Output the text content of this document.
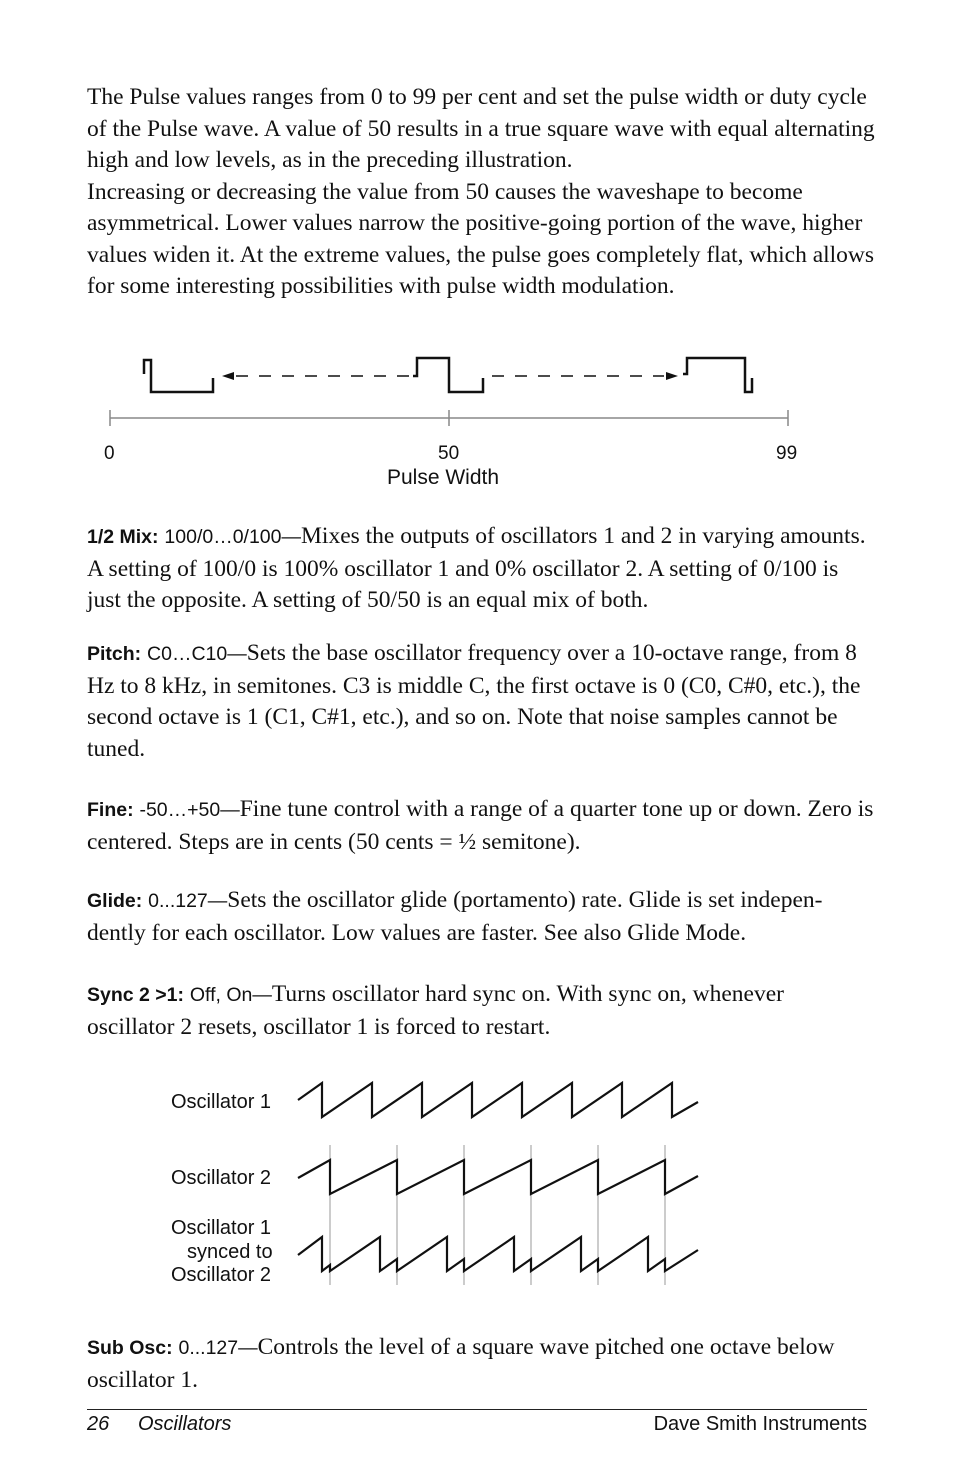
The Pulse values ranges from 0 to 99 per cent and set the pulse width or duty cycle of the Pulse wave. A value of 50 results in a true square wave with equal alternating high and low levels, as in the preceding illustration.

Increasing or decreasing the value from 50 causes the waveshape to become asymmetrical. Lower values narrow the positive-going portion of the wave, higher values widen it. At the extreme values, the pulse goes completely flat, which allows for some interesting possibilities with pulse width modulation.

0	50	99
Pulse Width
1/2 Mix: 100/0…0/100—Mixes the outputs of oscillators 1 and 2 in varying amounts. A setting of 100/0 is 100% oscillator 1 and 0% oscillator 2. A setting of 0/100 is just the opposite. A setting of 50/50 is an equal mix of both.
Pitch: C0…C10—Sets the base oscillator frequency over a 10-octave range, from 8 Hz to 8 kHz, in semitones. C3 is middle C, the first octave is 0 (C0, C#0, etc.), the second octave is 1 (C1, C#1, etc.), and so on. Note that noise samples cannot be tuned.
Fine: -50…+50—Fine tune control with a range of a quarter tone up or down. Zero is centered. Steps are in cents (50 cents = ½ semitone).
Glide: 0...127—Sets the oscillator glide (portamento) rate. Glide is set indepen-dently for each oscillator. Low values are faster. See also Glide Mode.
Sync 2 >1: Off, On—Turns oscillator hard sync on. With sync on, whenever oscillator 2 resets, oscillator 1 is forced to restart.
Oscillator 1
Oscillator 2
Oscillator 1
synced to
Oscillator 2
Sub Osc: 0...127—Controls the level of a square wave pitched one octave below oscillator 1.
26 Oscillators	Dave Smith Instruments
